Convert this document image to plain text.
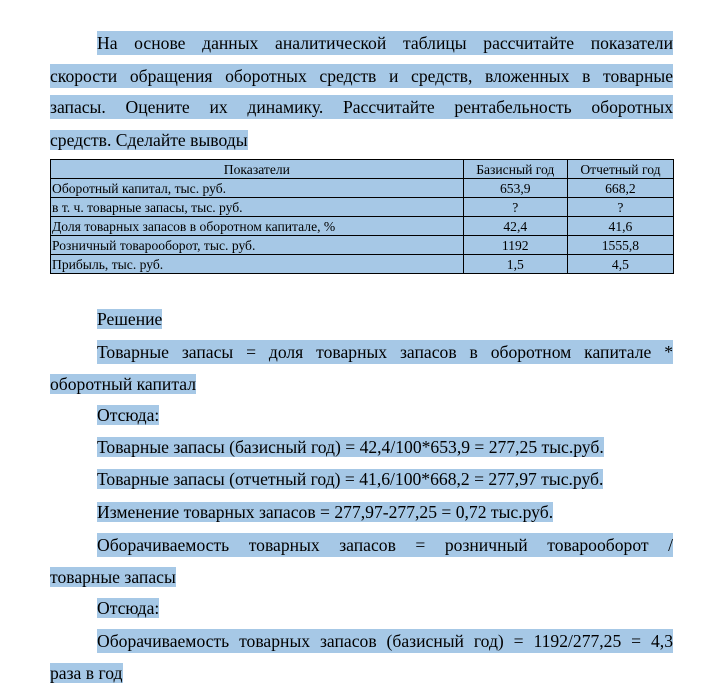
На основе данных аналитической таблицы рассчитайте показатели
скорости обращения оборотных средств и средств, вложенных в товарные
запасы. Оцените их динамику. Рассчитайте рентабельность оборотных
средств. Сделайте выводы
Показатели	Базисный год	Отчетный год
Оборотный капитал, тыс. руб.	653,9	668,2
в т. ч. товарные запасы, тыс. руб.	?	?
Доля товарных запасов в оборотном капитале, %	42,4	41,6
Розничный товарооборот, тыс. руб.	1192	1555,8
Прибыль, тыс. руб.	1,5	4,5
Решение
Товарные запасы = доля товарных запасов в оборотном капитале *
оборотный капитал
Отсюда:
Товарные запасы (базисный год) = 42,4/100*653,9 = 277,25 тыс.руб.
Товарные запасы (отчетный год) = 41,6/100*668,2 = 277,97 тыс.руб.
Изменение товарных запасов = 277,97-277,25 = 0,72 тыс.руб.
Оборачиваемость товарных запасов = розничный товарооборот /
товарные запасы
Отсюда:
Оборачиваемость товарных запасов (базисный год) = 1192/277,25 = 4,3
раза в год
